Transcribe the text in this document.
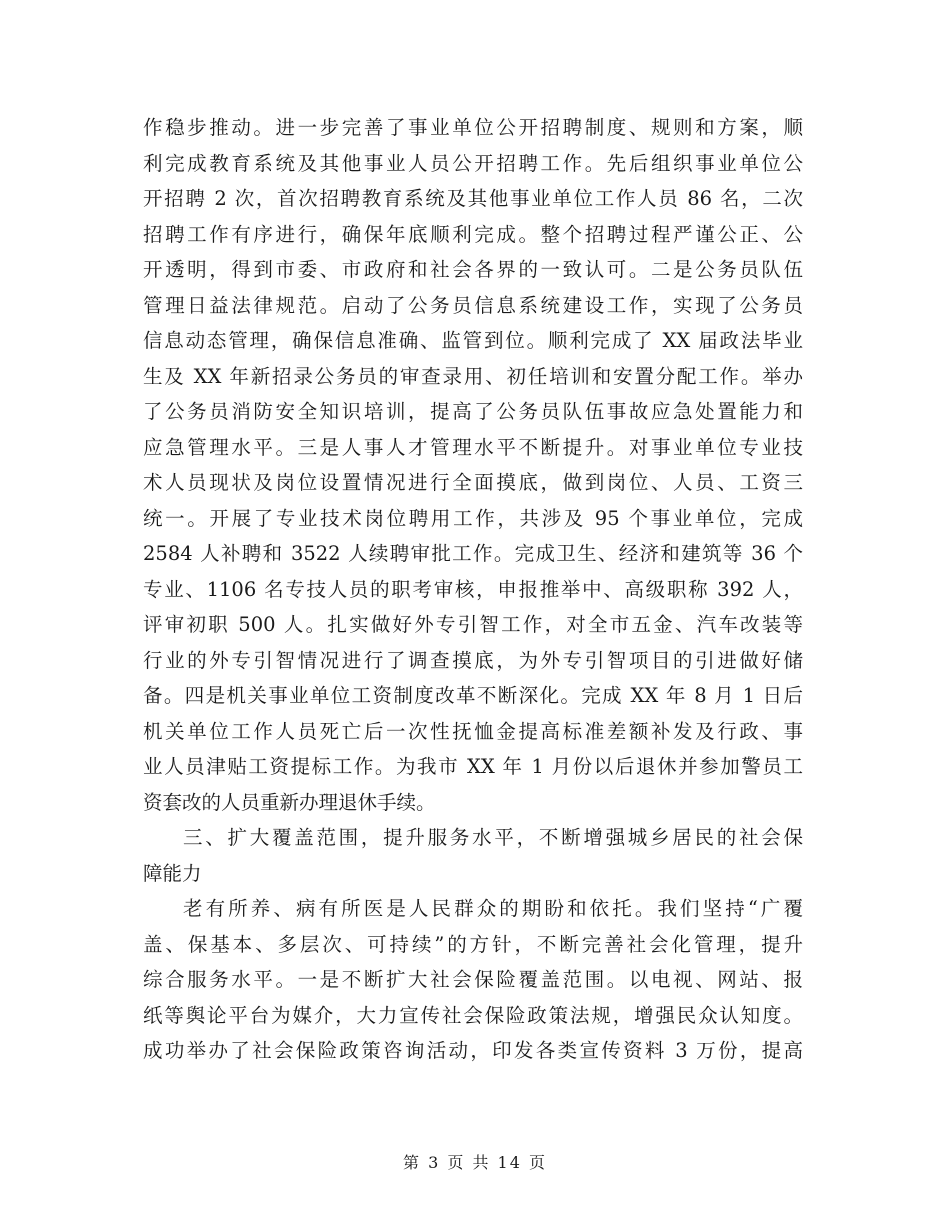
作稳步推动。进一步完善了事业单位公开招聘制度、规则和方案，顺
利完成教育系统及其他事业人员公开招聘工作。先后组织事业单位公
开招聘 2 次，首次招聘教育系统及其他事业单位工作人员 86 名，二次
招聘工作有序进行，确保年底顺利完成。整个招聘过程严谨公正、公
开透明，得到市委、市政府和社会各界的一致认可。二是公务员队伍
管理日益法律规范。启动了公务员信息系统建设工作，实现了公务员
信息动态管理，确保信息准确、监管到位。顺利完成了 XX 届政法毕业
生及 XX 年新招录公务员的审查录用、初任培训和安置分配工作。举办
了公务员消防安全知识培训，提高了公务员队伍事故应急处置能力和
应急管理水平。三是人事人才管理水平不断提升。对事业单位专业技
术人员现状及岗位设置情况进行全面摸底，做到岗位、人员、工资三
统一。开展了专业技术岗位聘用工作，共涉及 95 个事业单位，完成
2584 人补聘和 3522 人续聘审批工作。完成卫生、经济和建筑等 36 个
专业、1106 名专技人员的职考审核，申报推举中、高级职称 392 人，
评审初职 500 人。扎实做好外专引智工作，对全市五金、汽车改装等
行业的外专引智情况进行了调查摸底，为外专引智项目的引进做好储
备。四是机关事业单位工资制度改革不断深化。完成 XX 年 8 月 1 日后
机关单位工作人员死亡后一次性抚恤金提高标准差额补发及行政、事
业人员津贴工资提标工作。为我市 XX 年 1 月份以后退休并参加警员工
资套改的人员重新办理退休手续。
三、扩大覆盖范围，提升服务水平，不断增强城乡居民的社会保
障能力
老有所养、病有所医是人民群众的期盼和依托。我们坚持“广覆
盖、保基本、多层次、可持续”的方针，不断完善社会化管理，提升
综合服务水平。一是不断扩大社会保险覆盖范围。以电视、网站、报
纸等舆论平台为媒介，大力宣传社会保险政策法规，增强民众认知度。
成功举办了社会保险政策咨询活动，印发各类宣传资料 3 万份，提高
第 3 页 共 14 页
